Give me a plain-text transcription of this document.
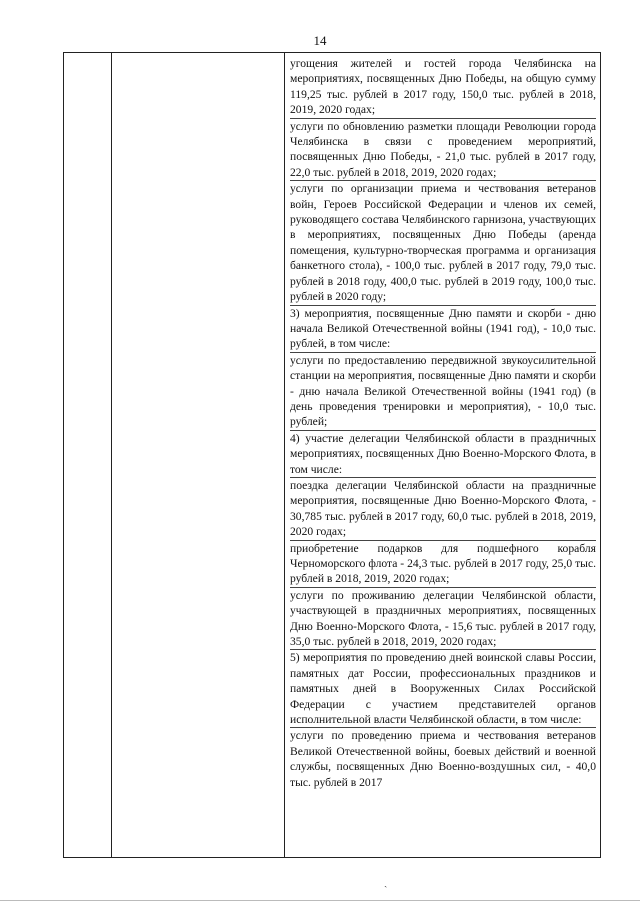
14
угощения жителей и гостей города Челябинска на мероприятиях, посвященных Дню Победы, на общую сумму 119,25 тыс. рублей в 2017 году, 150,0 тыс. рублей в 2018, 2019, 2020 годах;
услуги по обновлению разметки площади Революции города Челябинска в связи с проведением мероприятий, посвященных Дню Победы, - 21,0 тыс. рублей в 2017 году, 22,0 тыс. рублей в 2018, 2019, 2020 годах;
услуги по организации приема и чествования ветеранов войн, Героев Российской Федерации и членов их семей, руководящего состава Челябинского гарнизона, участвующих в мероприятиях, посвященных Дню Победы (аренда помещения, культурно-творческая программа и организация банкетного стола), - 100,0 тыс. рублей в 2017 году, 79,0 тыс. рублей в 2018 году, 400,0 тыс. рублей в 2019 году, 100,0 тыс. рублей в 2020 году;
3) мероприятия, посвященные Дню памяти и скорби - дню начала Великой Отечественной войны (1941 год), - 10,0 тыс. рублей, в том числе:
услуги по предоставлению передвижной звукоусилительной станции на мероприятия, посвященные Дню памяти и скорби - дню начала Великой Отечественной войны (1941 год) (в день проведения тренировки и мероприятия), - 10,0 тыс. рублей;
4) участие делегации Челябинской области в праздничных мероприятиях, посвященных Дню Военно-Морского Флота, в том числе:
поездка делегации Челябинской области на праздничные мероприятия, посвященные Дню Военно-Морского Флота, - 30,785 тыс. рублей в 2017 году, 60,0 тыс. рублей в 2018, 2019, 2020 годах;
приобретение подарков для подшефного корабля Черноморского флота - 24,3 тыс. рублей в 2017 году, 25,0 тыс. рублей в 2018, 2019, 2020 годах;
услуги по проживанию делегации Челябинской области, участвующей в праздничных мероприятиях, посвященных Дню Военно-Морского Флота, - 15,6 тыс. рублей в 2017 году, 35,0 тыс. рублей в 2018, 2019, 2020 годах;
5) мероприятия по проведению дней воинской славы России, памятных дат России, профессиональных праздников и памятных дней в Вооруженных Силах Российской Федерации с участием представителей органов исполнительной власти Челябинской области, в том числе:
услуги по проведению приема и чествования ветеранов Великой Отечественной войны, боевых действий и военной службы, посвященных Дню Военно-воздушных сил, - 40,0 тыс. рублей в 2017
ˎ
